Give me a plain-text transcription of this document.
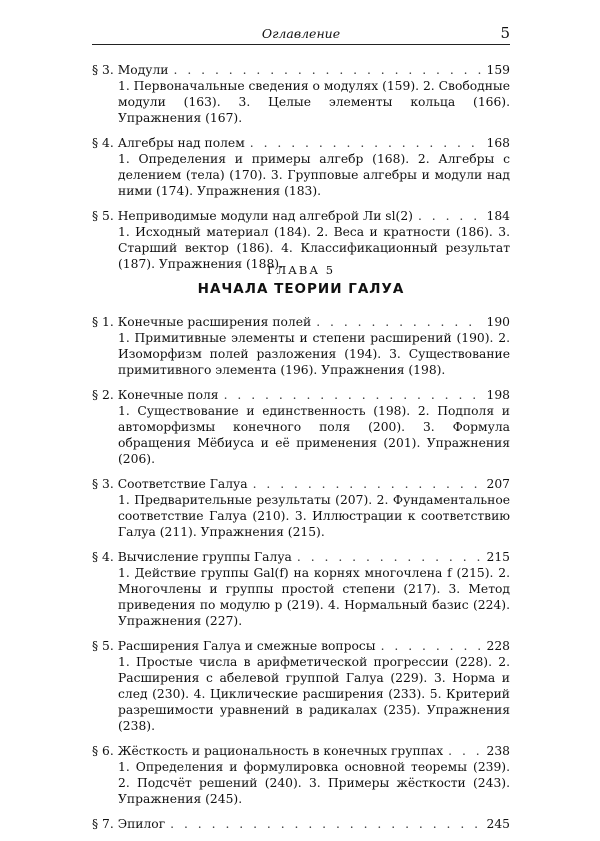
Оглавление	5
§ 3. Модули . . .	159
1. Первоначальные сведения о модулях (159). 2. Свободные модули (163). 3. Целые элементы кольца (166). Упражнения (167).
§ 4. Алгебры над полем . . .	168
1. Определения и примеры алгебр (168). 2. Алгебры с делением (тела) (170). 3. Групповые алгебры и модули над ними (174). Упражнения (183).
§ 5. Неприводимые модули над алгеброй Ли sl(2) . . .	184
1. Исходный материал (184). 2. Веса и кратности (186). 3. Старший вектор (186). 4. Классификационный результат (187). Упражнения (188).
ГЛАВА 5
НАЧАЛА ТЕОРИИ ГАЛУА
§ 1. Конечные расширения полей . . .	190
1. Примитивные элементы и степени расширений (190). 2. Изоморфизм полей разложения (194). 3. Существование примитивного элемента (196). Упражнения (198).
§ 2. Конечные поля . . .	198
1. Существование и единственность (198). 2. Подполя и автоморфизмы конечного поля (200). 3. Формула обращения Мёбиуса и её применения (201). Упражнения (206).
§ 3. Соответствие Галуа . . .	207
1. Предварительные результаты (207). 2. Фундаментальное соответствие Галуа (210). 3. Иллюстрации к соответствию Галуа (211). Упражнения (215).
§ 4. Вычисление группы Галуа . . .	215
1. Действие группы Gal(f) на корнях многочлена f (215). 2. Многочлены и группы простой степени (217). 3. Метод приведения по модулю p (219). 4. Нормальный базис (224). Упражнения (227).
§ 5. Расширения Галуа и смежные вопросы . . .	228
1. Простые числа в арифметической прогрессии (228). 2. Расширения с абелевой группой Галуа (229). 3. Норма и след (230). 4. Циклические расширения (233). 5. Критерий разрешимости уравнений в радикалах (235). Упражнения (238).
§ 6. Жёсткость и рациональность в конечных группах . . .	238
1. Определения и формулировка основной теоремы (239). 2. Подсчёт решений (240). 3. Примеры жёсткости (243). Упражнения (245).
§ 7. Эпилог . . .	245
